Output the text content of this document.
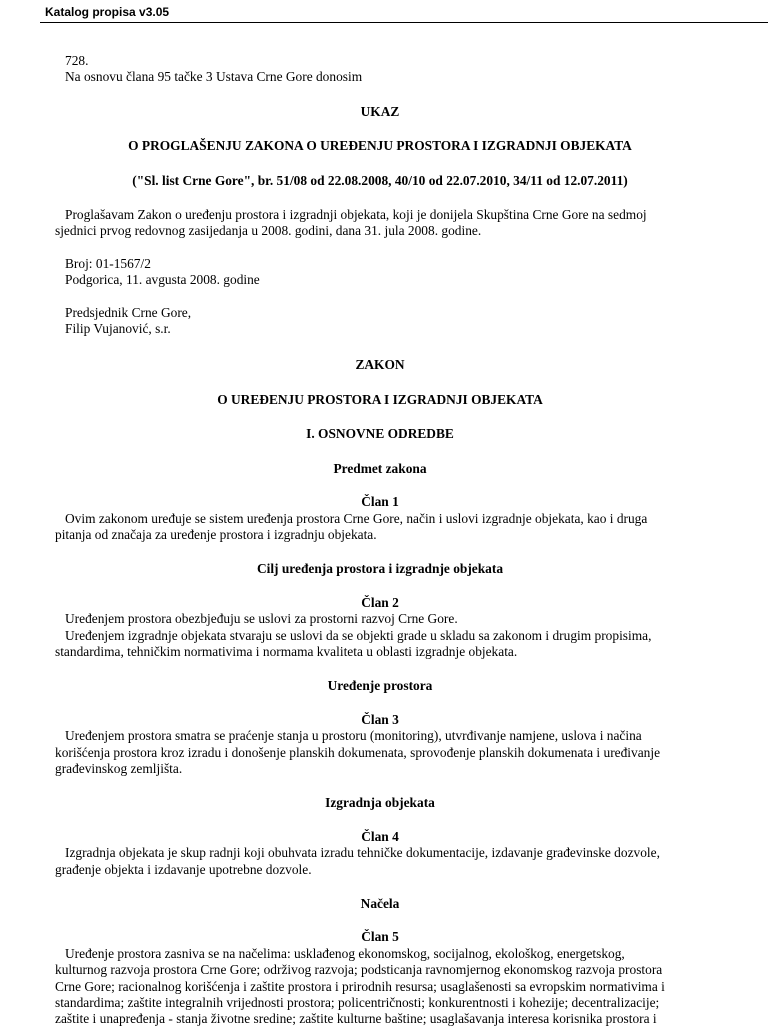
Katalog propisa v3.05

728.

Na osnovu člana 95 tačke 3 Ustava Crne Gore donosim

UKAZ

O PROGLAŠENJU ZAKONA O UREĐENJU PROSTORA I IZGRADNJI OBJEKATA

("Sl. list Crne Gore", br. 51/08 od 22.08.2008, 40/10 od 22.07.2010, 34/11 od 12.07.2011)

Proglašavam Zakon o uređenju prostora i izgradnji objekata, koji je donijela Skupština Crne Gore na sedmoj

sjednici prvog redovnog zasijedanja u 2008. godini, dana 31. jula 2008. godine.

Broj: 01-1567/2

Podgorica, 11. avgusta 2008. godine

Predsjednik Crne Gore,

Filip Vujanović, s.r.

ZAKON

O UREĐENJU PROSTORA I IZGRADNJI OBJEKATA

I. OSNOVNE ODREDBE

Predmet zakona

Član 1

Ovim zakonom uređuje se sistem uređenja prostora Crne Gore, način i uslovi izgradnje objekata, kao i druga

pitanja od značaja za uređenje prostora i izgradnju objekata.

Cilj uređenja prostora i izgradnje objekata

Član 2

Uređenjem prostora obezbjeđuju se uslovi za prostorni razvoj Crne Gore.

Uređenjem izgradnje objekata stvaraju se uslovi da se objekti grade u skladu sa zakonom i drugim propisima,

standardima, tehničkim normativima i normama kvaliteta u oblasti izgradnje objekata.

Uređenje prostora

Član 3

Uređenjem prostora smatra se praćenje stanja u prostoru (monitoring), utvrđivanje namjene, uslova i načina

korišćenja prostora kroz izradu i donošenje planskih dokumenata, sprovođenje planskih dokumenata i uređivanje

građevinskog zemljišta.

Izgradnja objekata

Član 4

Izgradnja objekata je skup radnji koji obuhvata izradu tehničke dokumentacije, izdavanje građevinske dozvole,

građenje objekta i izdavanje upotrebne dozvole.

Načela

Član 5

Uređenje prostora zasniva se na načelima: usklađenog ekonomskog, socijalnog, ekološkog, energetskog,

kulturnog razvoja prostora Crne Gore; održivog razvoja; podsticanja ravnomjernog ekonomskog razvoja prostora

Crne Gore; racionalnog korišćenja i zaštite prostora i prirodnih resursa; usaglašenosti sa evropskim normativima i

standardima; zaštite integralnih vrijednosti prostora; policentričnosti; konkurentnosti i kohezije; decentralizacije;

zaštite i unapređenja - stanja životne sredine; zaštite kulturne baštine; usaglašavanja interesa korisnika prostora i
